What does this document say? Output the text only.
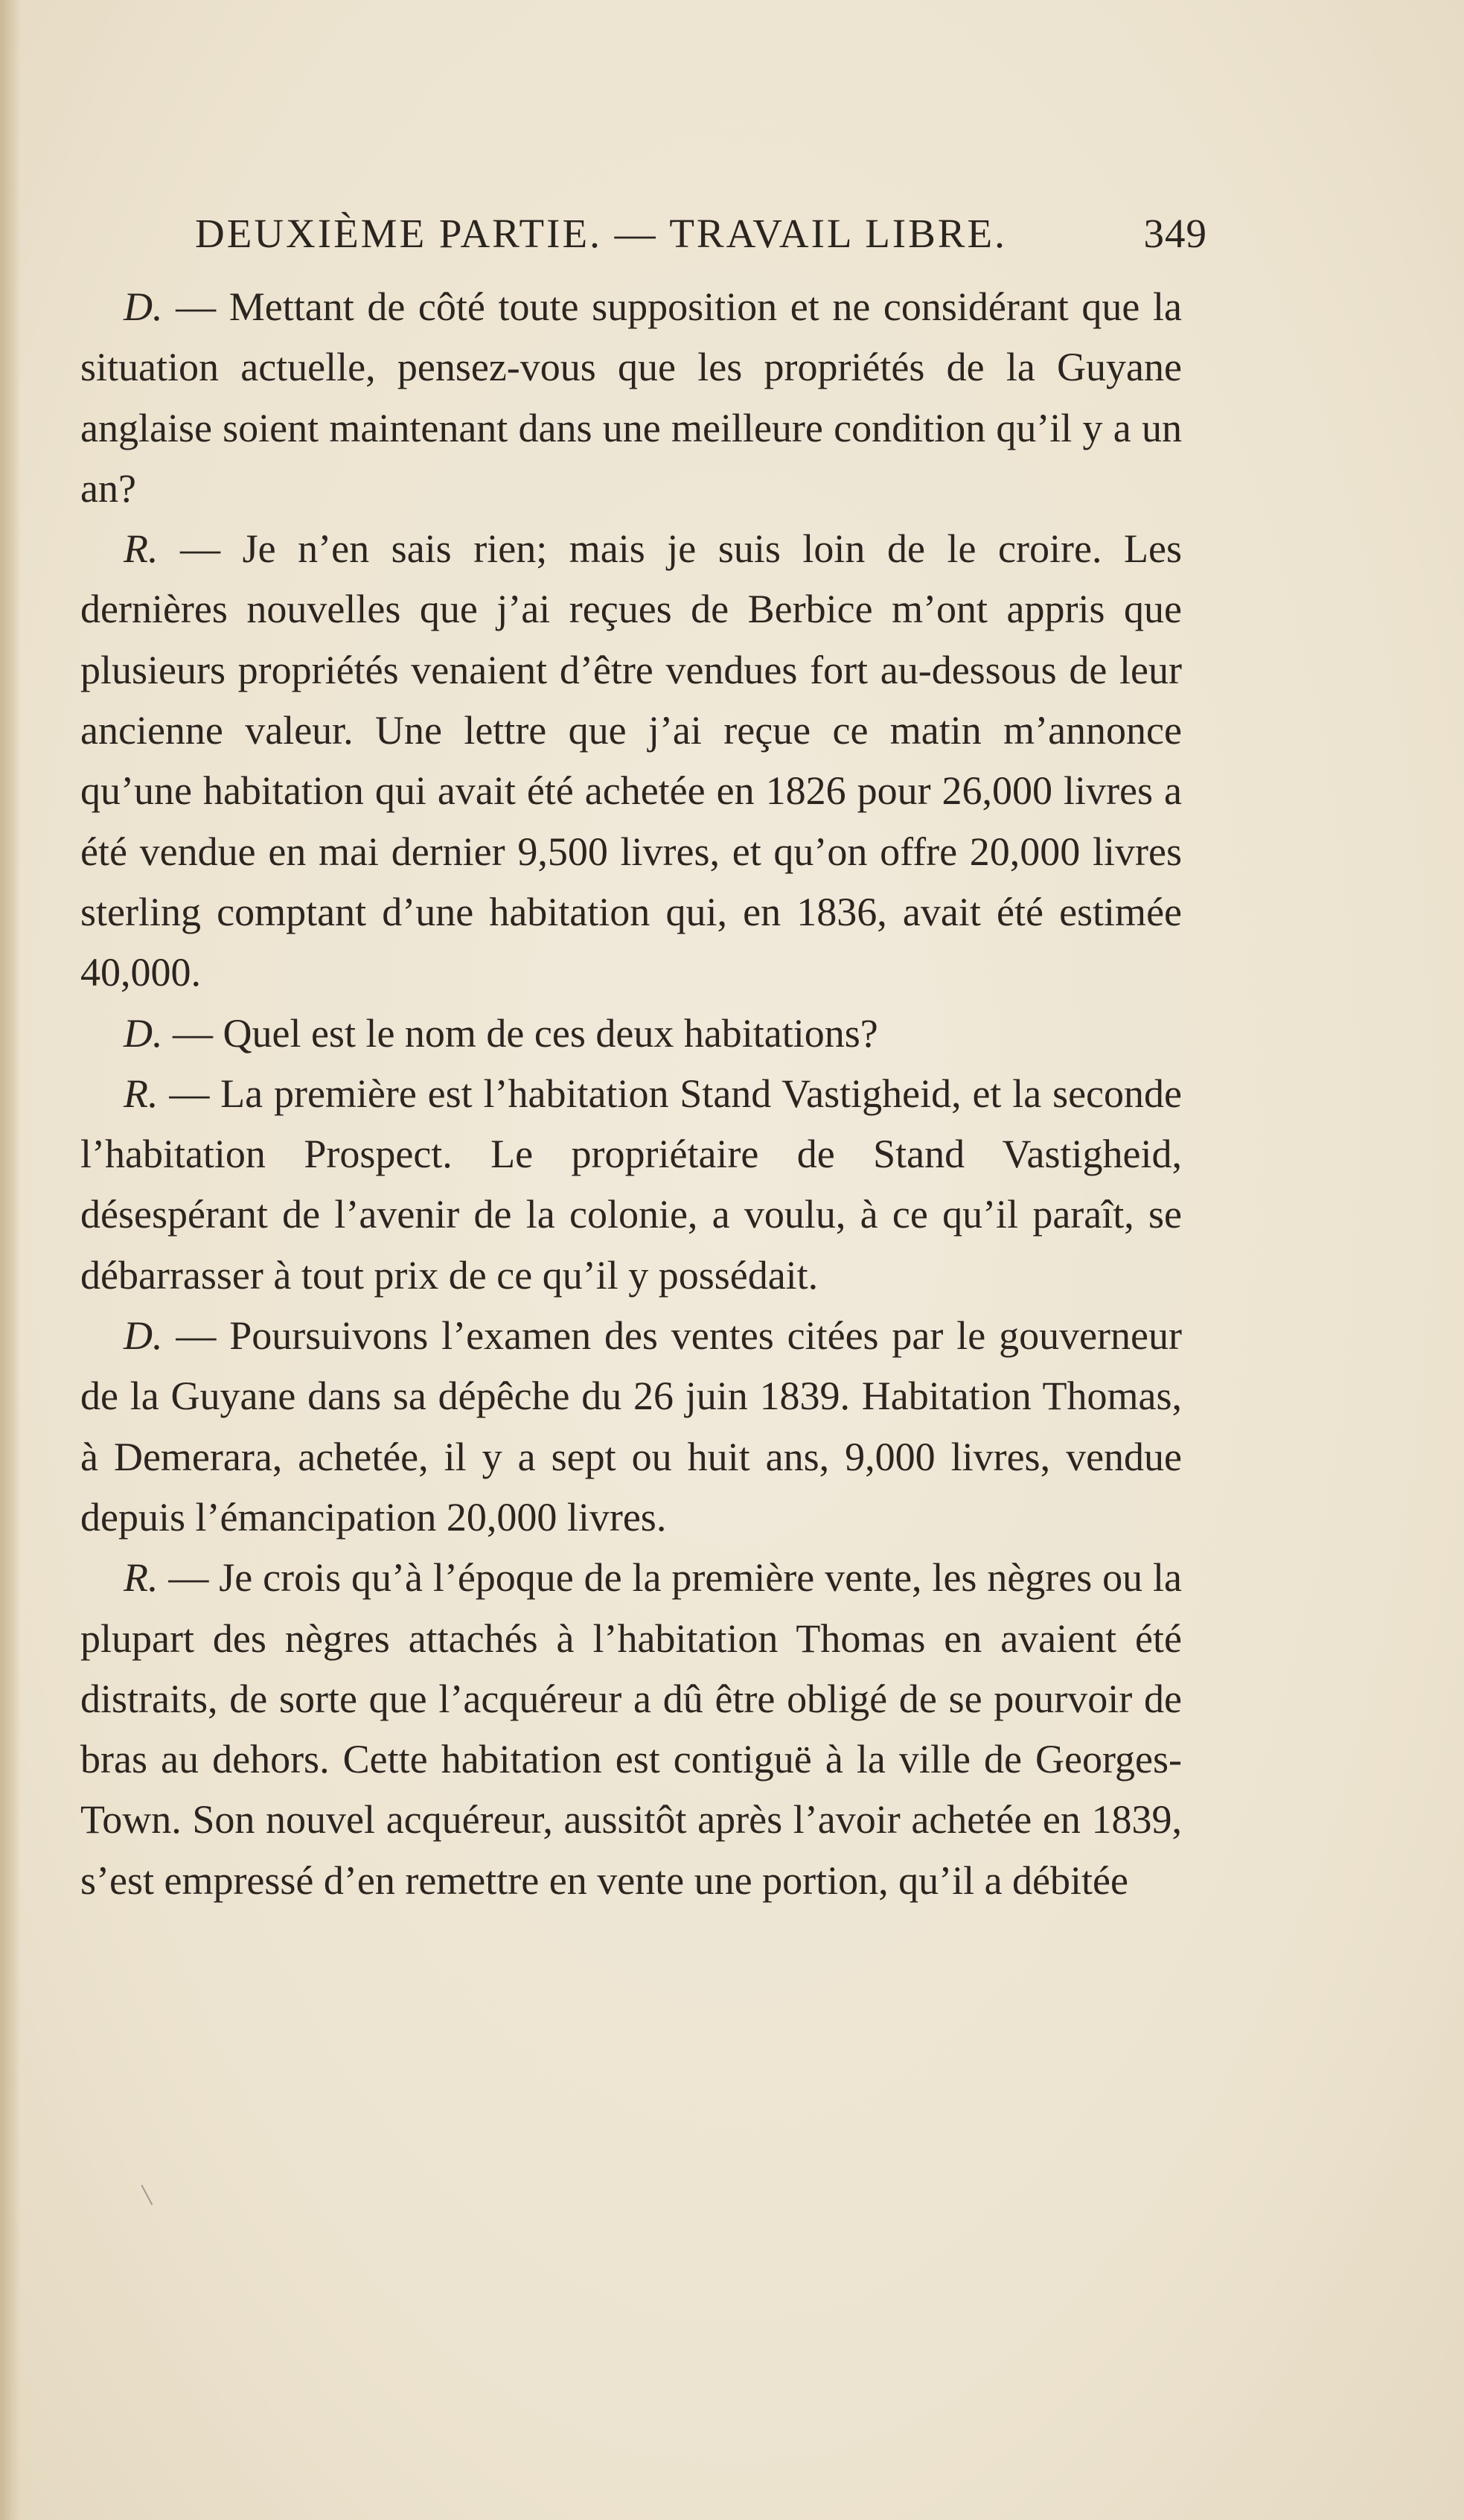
DEUXIÈME PARTIE. — TRAVAIL LIBRE.	349

D. — Mettant de côté toute supposition et ne considérant que la situation actuelle, pensez-vous que les propriétés de la Guyane anglaise soient maintenant dans une meilleure condition qu’il y a un an?

R. — Je n’en sais rien; mais je suis loin de le croire. Les dernières nouvelles que j’ai reçues de Berbice m’ont appris que plusieurs propriétés venaient d’être vendues fort au-dessous de leur ancienne valeur. Une lettre que j’ai reçue ce matin m’annonce qu’une habitation qui avait été achetée en 1826 pour 26,000 livres a été vendue en mai dernier 9,500 livres, et qu’on offre 20,000 livres sterling comptant d’une habitation qui, en 1836, avait été estimée 40,000.

D. — Quel est le nom de ces deux habitations?

R. — La première est l’habitation Stand Vastigheid, et la seconde l’habitation Prospect. Le propriétaire de Stand Vastigheid, désespérant de l’avenir de la colonie, a voulu, à ce qu’il paraît, se débarrasser à tout prix de ce qu’il y possédait.

D. — Poursuivons l’examen des ventes citées par le gouverneur de la Guyane dans sa dépêche du 26 juin 1839. Habitation Thomas, à Demerara, achetée, il y a sept ou huit ans, 9,000 livres, vendue depuis l’émancipation 20,000 livres.

R. — Je crois qu’à l’époque de la première vente, les nègres ou la plupart des nègres attachés à l’habitation Thomas en avaient été distraits, de sorte que l’acquéreur a dû être obligé de se pourvoir de bras au dehors. Cette habitation est contiguë à la ville de Georges-Town. Son nouvel acquéreur, aussitôt après l’avoir achetée en 1839, s’est empressé d’en remettre en vente une portion, qu’il a débitée
